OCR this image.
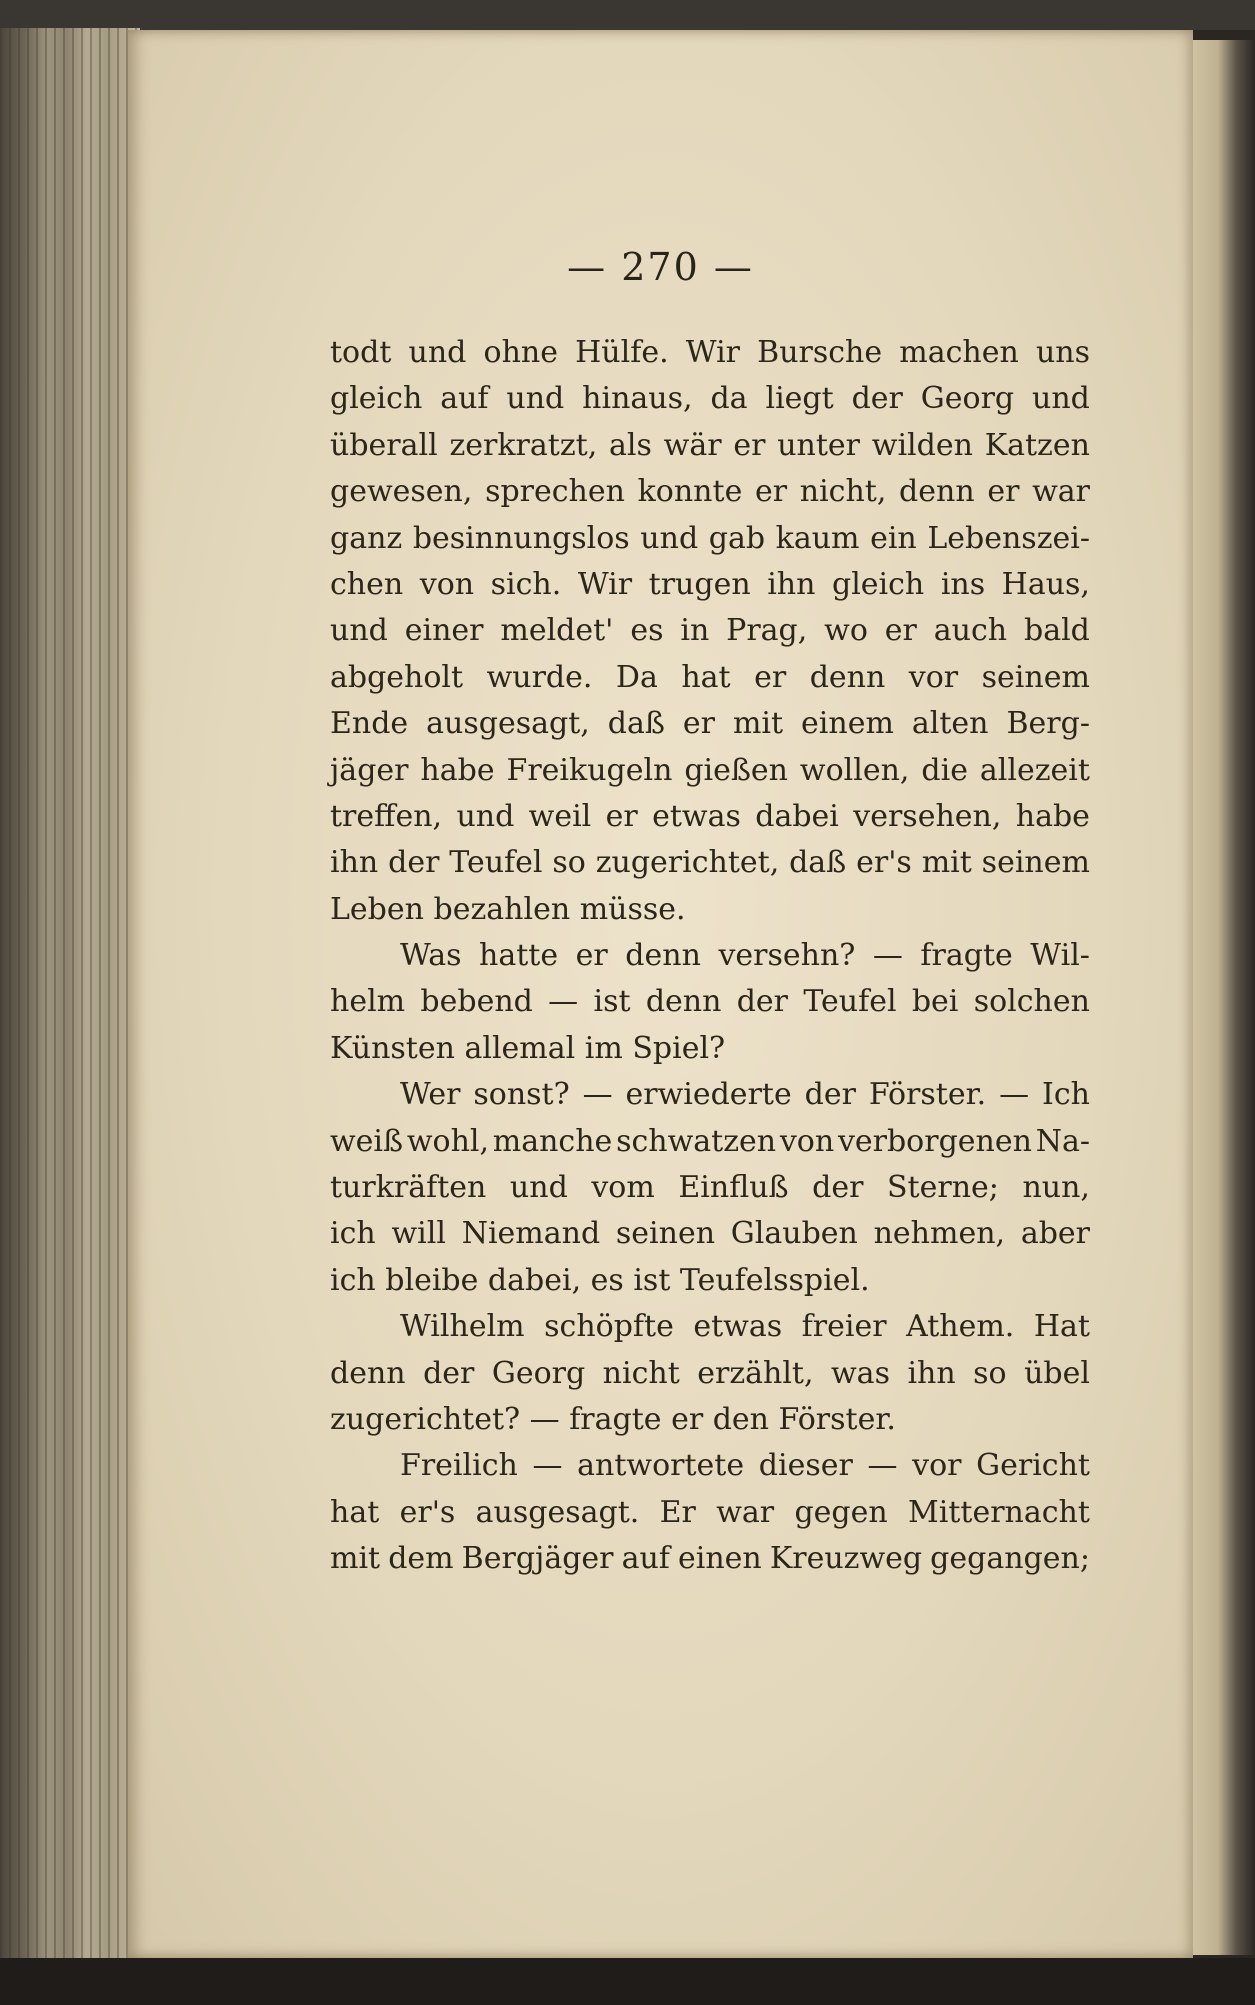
— 270 —
todt und ohne Hülfe. Wir Bursche machen uns
gleich auf und hinaus, da liegt der Georg und
überall zerkratzt, als wär er unter wilden Katzen
gewesen, sprechen konnte er nicht, denn er war
ganz besinnungslos und gab kaum ein Lebenszei-
chen von sich. Wir trugen ihn gleich ins Haus,
und einer meldet' es in Prag, wo er auch bald
abgeholt wurde. Da hat er denn vor seinem
Ende ausgesagt, daß er mit einem alten Berg-
jäger habe Freikugeln gießen wollen, die allezeit
treffen, und weil er etwas dabei versehen, habe
ihn der Teufel so zugerichtet, daß er's mit seinem
Leben bezahlen müsse.
Was hatte er denn versehn? — fragte Wil-
helm bebend — ist denn der Teufel bei solchen
Künsten allemal im Spiel?
Wer sonst? — erwiederte der Förster. — Ich
weiß wohl, manche schwatzen von verborgenen Na-
turkräften und vom Einfluß der Sterne; nun,
ich will Niemand seinen Glauben nehmen, aber
ich bleibe dabei, es ist Teufelsspiel.
Wilhelm schöpfte etwas freier Athem. Hat
denn der Georg nicht erzählt, was ihn so übel
zugerichtet? — fragte er den Förster.
Freilich — antwortete dieser — vor Gericht
hat er's ausgesagt. Er war gegen Mitternacht
mit dem Bergjäger auf einen Kreuzweg gegangen;
